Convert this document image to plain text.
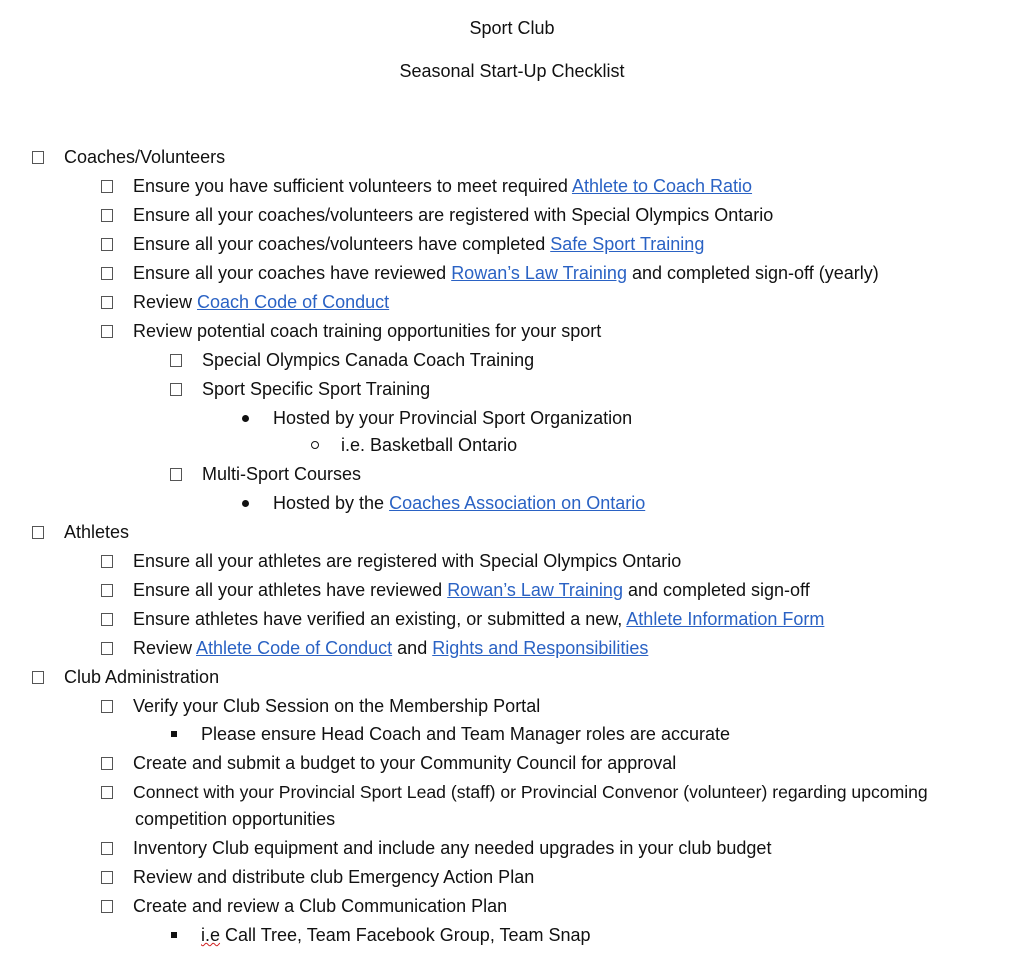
Sport Club
Seasonal Start-Up Checklist
Coaches/Volunteers
Ensure you have sufficient volunteers to meet required Athlete to Coach Ratio
Ensure all your coaches/volunteers are registered with Special Olympics Ontario
Ensure all your coaches/volunteers have completed Safe Sport Training
Ensure all your coaches have reviewed Rowan’s Law Training and completed sign-off (yearly)
Review Coach Code of Conduct
Review potential coach training opportunities for your sport
Special Olympics Canada Coach Training
Sport Specific Sport Training
Hosted by your Provincial Sport Organization
i.e. Basketball Ontario
Multi-Sport Courses
Hosted by the Coaches Association on Ontario
Athletes
Ensure all your athletes are registered with Special Olympics Ontario
Ensure all your athletes have reviewed Rowan’s Law Training and completed sign-off
Ensure athletes have verified an existing, or submitted a new, Athlete Information Form
Review Athlete Code of Conduct and Rights and Responsibilities
Club Administration
Verify your Club Session on the Membership Portal
Please ensure Head Coach and Team Manager roles are accurate
Create and submit a budget to your Community Council for approval
Connect with your Provincial Sport Lead (staff) or Provincial Convenor (volunteer) regarding upcoming
competition opportunities
Inventory Club equipment and include any needed upgrades in your club budget
Review and distribute club Emergency Action Plan
Create and review a Club Communication Plan
i.e Call Tree, Team Facebook Group, Team Snap
